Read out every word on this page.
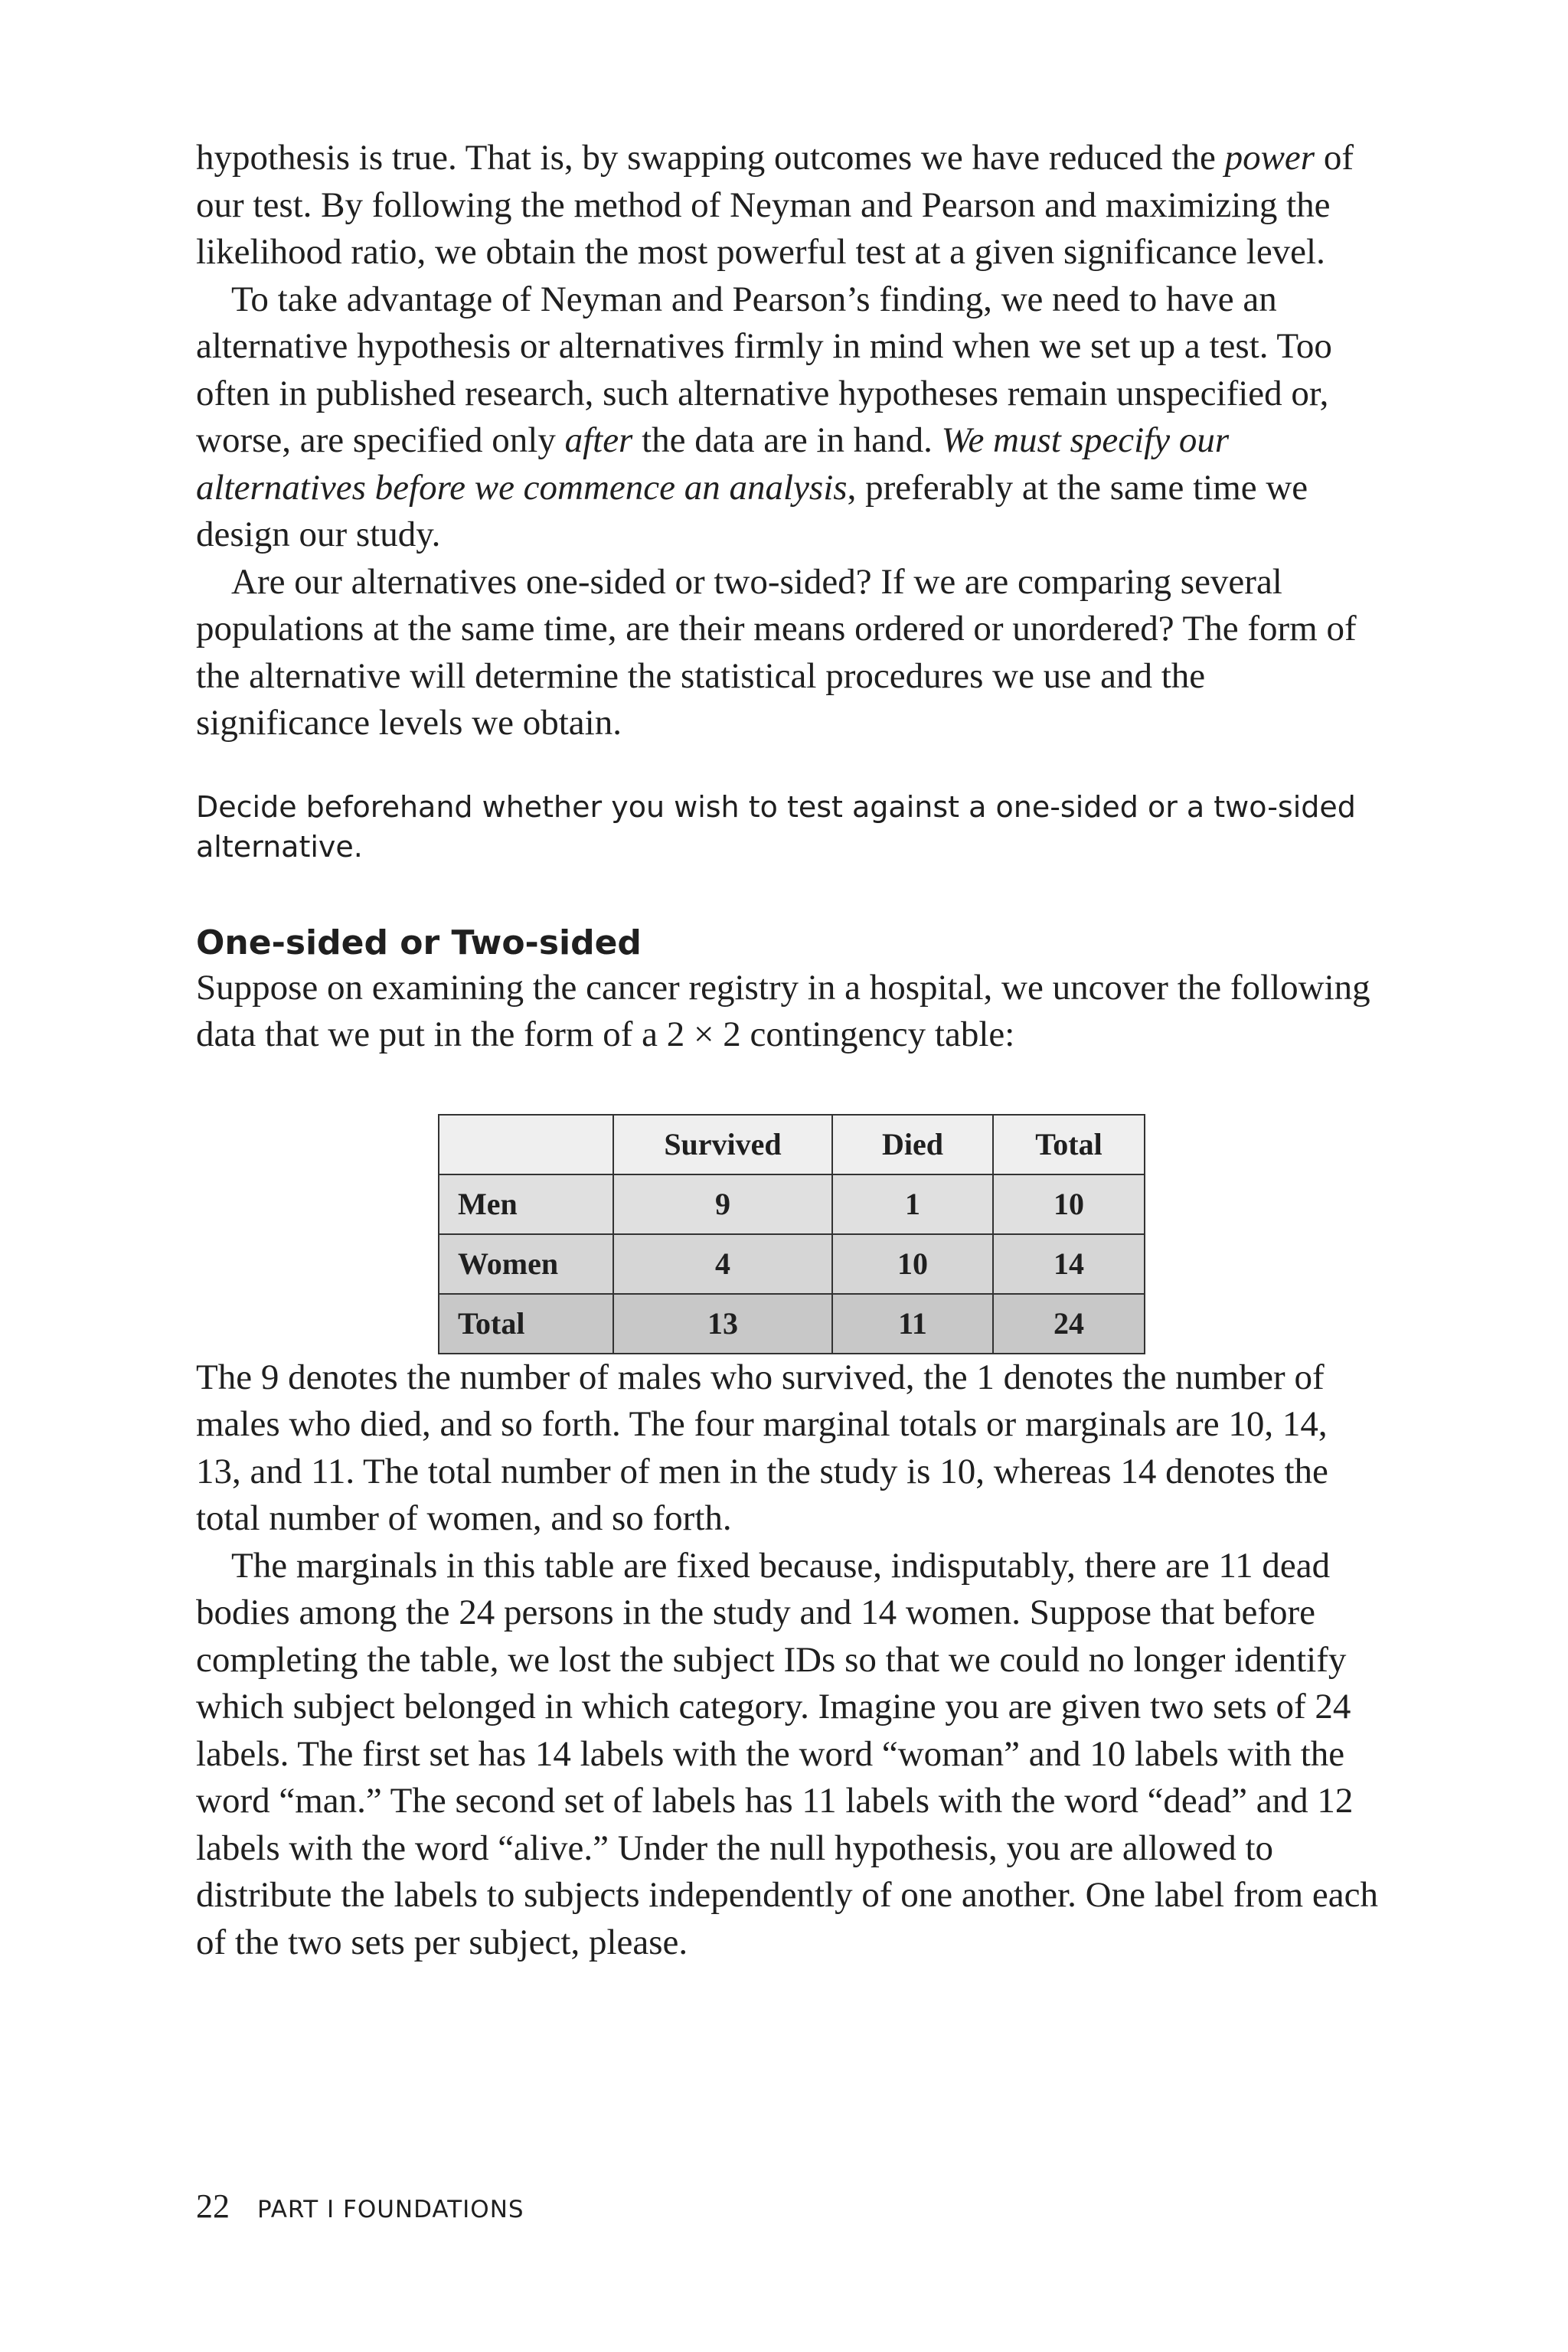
hypothesis is true. That is, by swapping outcomes we have reduced the power of our test. By following the method of Neyman and Pearson and maximizing the likelihood ratio, we obtain the most powerful test at a given significance level.

To take advantage of Neyman and Pearson’s finding, we need to have an alternative hypothesis or alternatives firmly in mind when we set up a test. Too often in published research, such alternative hypotheses remain unspecified or, worse, are specified only after the data are in hand. We must specify our alternatives before we commence an analysis, preferably at the same time we design our study.

Are our alternatives one-sided or two-sided? If we are comparing several populations at the same time, are their means ordered or unordered? The form of the alternative will determine the statistical procedures we use and the significance levels we obtain.

Decide beforehand whether you wish to test against a one-sided or a two-sided alternative.

One-sided or Two-sided

Suppose on examining the cancer registry in a hospital, we uncover the following data that we put in the form of a 2 × 2 contingency table:

	Survived	Died	Total
Men	9	1	10
Women	4	10	14
Total	13	11	24

The 9 denotes the number of males who survived, the 1 denotes the number of males who died, and so forth. The four marginal totals or marginals are 10, 14, 13, and 11. The total number of men in the study is 10, whereas 14 denotes the total number of women, and so forth.

The marginals in this table are fixed because, indisputably, there are 11 dead bodies among the 24 persons in the study and 14 women. Suppose that before completing the table, we lost the subject IDs so that we could no longer identify which subject belonged in which category. Imagine you are given two sets of 24 labels. The first set has 14 labels with the word “woman” and 10 labels with the word “man.” The second set of labels has 11 labels with the word “dead” and 12 labels with the word “alive.” Under the null hypothesis, you are allowed to distribute the labels to subjects independently of one another. One label from each of the two sets per subject, please.

22 PART I FOUNDATIONS
